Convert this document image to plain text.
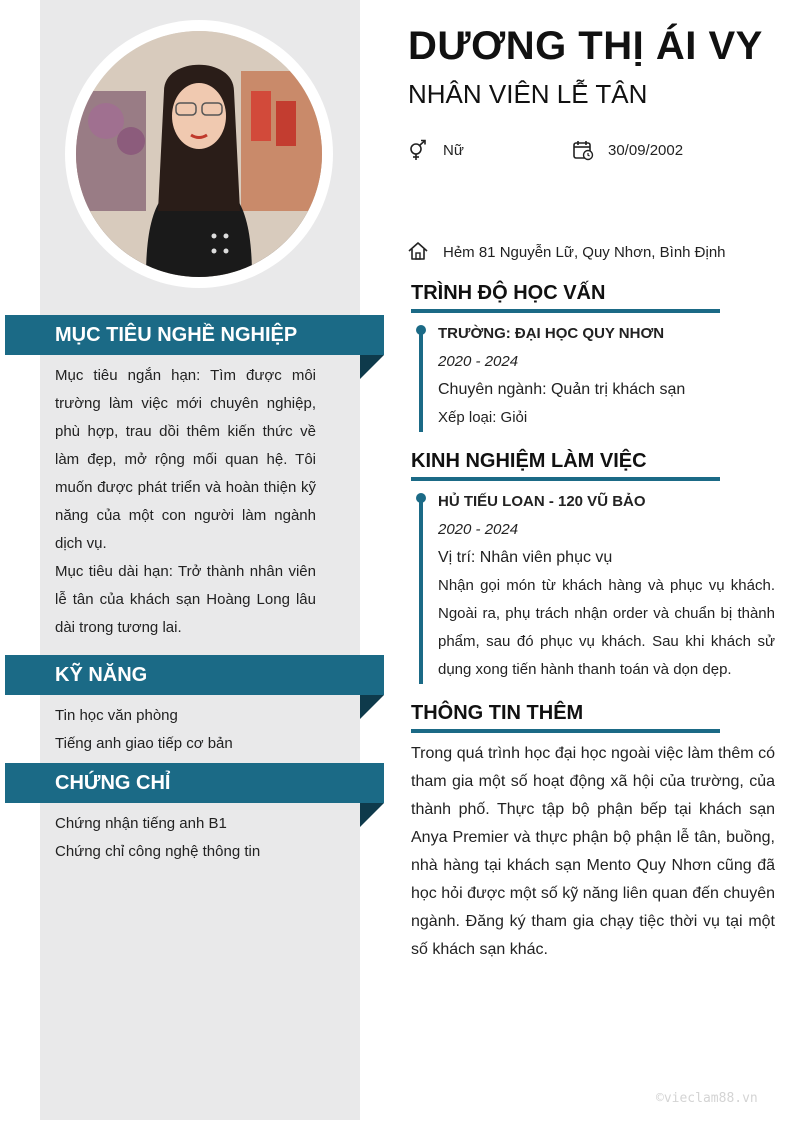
MỤC TIÊU NGHỀ NGHIỆP

Mục tiêu ngắn hạn: Tìm được môi trường làm việc mới chuyên nghiệp, phù hợp, trau dồi thêm kiến thức về làm đẹp, mở rộng mối quan hệ. Tôi muốn được phát triển và hoàn thiện kỹ năng của một con người làm ngành dịch vụ.

Mục tiêu dài hạn: Trở thành nhân viên lễ tân của khách sạn Hoàng Long lâu dài trong tương lai.

KỸ NĂNG

Tin học văn phòng

Tiếng anh giao tiếp cơ bản

CHỨNG CHỈ

Chứng nhận tiếng anh B1

Chứng chỉ công nghệ thông tin

DƯƠNG THỊ ÁI VY
NHÂN VIÊN LỄ TÂN
Nữ	30/09/2002
Hẻm 81 Nguyễn Lữ, Quy Nhơn, Bình Định
TRÌNH ĐỘ HỌC VẤN
TRƯỜNG: ĐẠI HỌC QUY NHƠN
2020 - 2024
Chuyên ngành: Quản trị khách sạn
Xếp loại: Giỏi
KINH NGHIỆM LÀM VIỆC
HỦ TIẾU LOAN - 120 VŨ BẢO
2020 - 2024
Vị trí: Nhân viên phục vụ
Nhận gọi món từ khách hàng và phục vụ khách. Ngoài ra, phụ trách nhận order và chuẩn bị thành phẩm, sau đó phục vụ khách. Sau khi khách sử dụng xong tiến hành thanh toán và dọn dẹp.
THÔNG TIN THÊM
Trong quá trình học đại học ngoài việc làm thêm có tham gia một số hoạt động xã hội của trường, của thành phố. Thực tập bộ phận bếp tại khách sạn Anya Premier và thực phận bộ phận lễ tân, buồng, nhà hàng tại khách sạn Mento Quy Nhơn cũng đã học hỏi được một số kỹ năng liên quan đến chuyên ngành. Đăng ký tham gia chạy tiệc thời vụ tại một số khách sạn khác.
©vieclam88.vn
